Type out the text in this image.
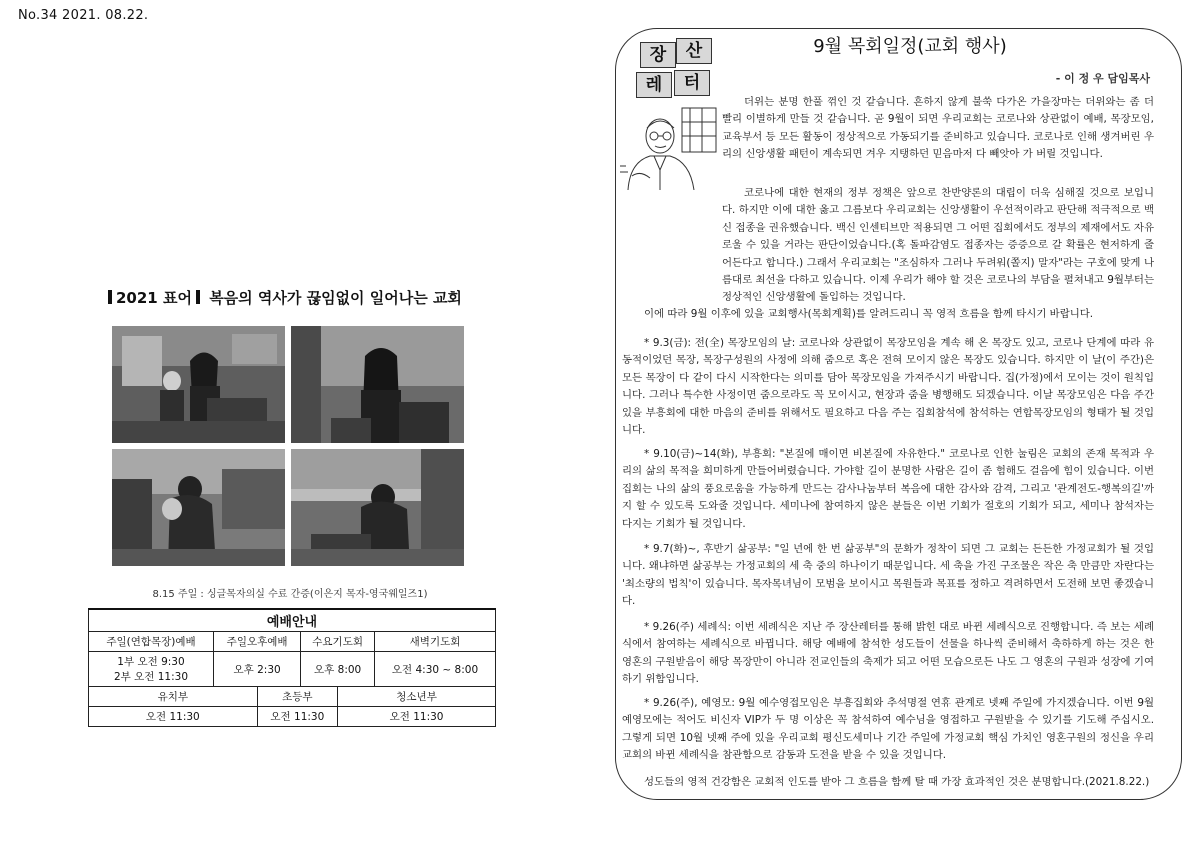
No.34 2021. 08.22.
2021 표어 복음의 역사가 끊임없이 일어나는 교회
8.15 주일 : 싱글목자의실 수료 간증(이은지 목자-영국웨일즈1)
예배안내					
주일(연합목장)예배	주일오후예배		수요기도회		새벽기도회

1부 오전 9:30
2부 오전 11:30	오후 2:30		오후 8:00		오전 4:30 ~ 8:00
유치부		초등부		청소년부	
오전 11:30		오전 11:30		오전 11:30	
장	산
레	터
9월 목회일정(교회 행사)
- 이 정 우 담임목사
더위는 분명 한풀 꺾인 것 같습니다. 흔하지 않게 불쑥 다가온 가을장마는 더위와는 좀 더 빨리 이별하게 만들 것 같습니다. 곧 9월이 되면 우리교회는 코로나와 상관없이 예배, 목장모임, 교육부서 등 모든 활동이 정상적으로 가동되기를 준비하고 있습니다. 코로나로 인해 생겨버린 우리의 신앙생활 패턴이 계속되면 겨우 지탱하던 믿음마저 다 빼앗아 가 버릴 것입니다.
코로나에 대한 현재의 정부 정책은 앞으로 찬반양론의 대립이 더욱 심해질 것으로 보입니다. 하지만 이에 대한 옳고 그름보다 우리교회는 신앙생활이 우선적이라고 판단해 적극적으로 백신 접종을 권유했습니다. 백신 인센티브만 적용되면 그 어떤 집회에서도 정부의 제재에서도 자유로울 수 있을 거라는 판단이었습니다.(혹 돌파감염도 접종자는 증증으로 갈 확률은 현저하게 줄어든다고 합니다.) 그래서 우리교회는 "조심하자 그러나 두려워(쫄지) 말자"라는 구호에 맞게 나름대로 최선을 다하고 있습니다. 이제 우리가 해야 할 것은 코로나의 부담을 펼쳐내고 9월부터는 정상적인 신앙생활에 돌입하는 것입니다.
이에 따라 9월 이후에 있을 교회행사(목회계획)를 알려드리니 꼭 영적 흐름을 함께 타시기 바랍니다.
* 9.3(금): 전(全) 목장모임의 날: 코로나와 상관없이 목장모임을 계속 해 온 목장도 있고, 코로나 단계에 따라 유동적이었던 목장, 목장구성원의 사정에 의해 줌으로 혹은 전혀 모이지 않은 목장도 있습니다. 하지만 이 날(이 주간)은 모든 목장이 다 같이 다시 시작한다는 의미를 담아 목장모임을 가져주시기 바랍니다. 집(가정)에서 모이는 것이 원칙입니다. 그러나 특수한 사정이면 줌으로라도 꼭 모이시고, 현장과 줌을 병행해도 되겠습니다. 이날 목장모임은 다음 주간 있을 부흥회에 대한 마음의 준비를 위해서도 필요하고 다음 주는 집회참석에 참석하는 연합목장모임의 형태가 될 것입니다.
* 9.10(금)~14(화), 부흥회: "본질에 매이면 비본질에 자유한다." 코로나로 인한 눌림은 교회의 존재 목적과 우리의 삶의 목적을 희미하게 만들어버렸습니다. 가야할 길이 분명한 사람은 길이 좀 험해도 걸음에 힘이 있습니다. 이번 집회는 나의 삶의 풍요로움을 가능하게 만드는 감사나눔부터 복음에 대한 감사와 감격, 그리고 '관계전도-행복의길'까지 할 수 있도록 도와줄 것입니다. 세미나에 참여하지 않은 분들은 이번 기회가 절호의 기회가 되고, 세미나 참석자는 다지는 기회가 될 것입니다.
* 9.7(화)~, 후반기 삶공부: "일 년에 한 번 삶공부"의 문화가 정착이 되면 그 교회는 든든한 가정교회가 될 것입니다. 왜냐하면 삶공부는 가정교회의 세 축 중의 하나이기 때문입니다. 세 축을 가진 구조물은 작은 축 만큼만 자란다는 '최소량의 법칙'이 있습니다. 목자목녀님이 모범을 보이시고 목원들과 목표를 정하고 격려하면서 도전해 보면 좋겠습니다.
* 9.26(주) 세례식: 이번 세례식은 지난 주 장산레터를 통해 밝힌 대로 바뀐 세례식으로 진행합니다. 즉 보는 세례식에서 참여하는 세례식으로 바뀝니다. 해당 예배에 참석한 성도들이 선물을 하나씩 준비해서 축하하게 하는 것은 한 영혼의 구원받음이 해당 목장만이 아니라 전교인들의 축제가 되고 어떤 모습으로든 나도 그 영혼의 구원과 성장에 기여하기 위함입니다.
* 9.26(주), 예영모: 9월 예수영접모임은 부흥집회와 추석명절 연휴 관계로 넷째 주일에 가지겠습니다. 이번 9월 예영모에는 적어도 비신자 VIP가 두 명 이상은 꼭 참석하여 예수님을 영접하고 구원받을 수 있기를 기도해 주십시오. 그렇게 되면 10월 넷째 주에 있을 우리교회 평신도세미나 기간 주일에 가정교회 핵심 가치인 영혼구원의 정신을 우리교회의 바뀐 세례식을 참관함으로 감동과 도전을 받을 수 있을 것입니다.
성도들의 영적 건강함은 교회적 인도를 받아 그 흐름을 함께 탈 때 가장 효과적인 것은 분명합니다.(2021.8.22.)
